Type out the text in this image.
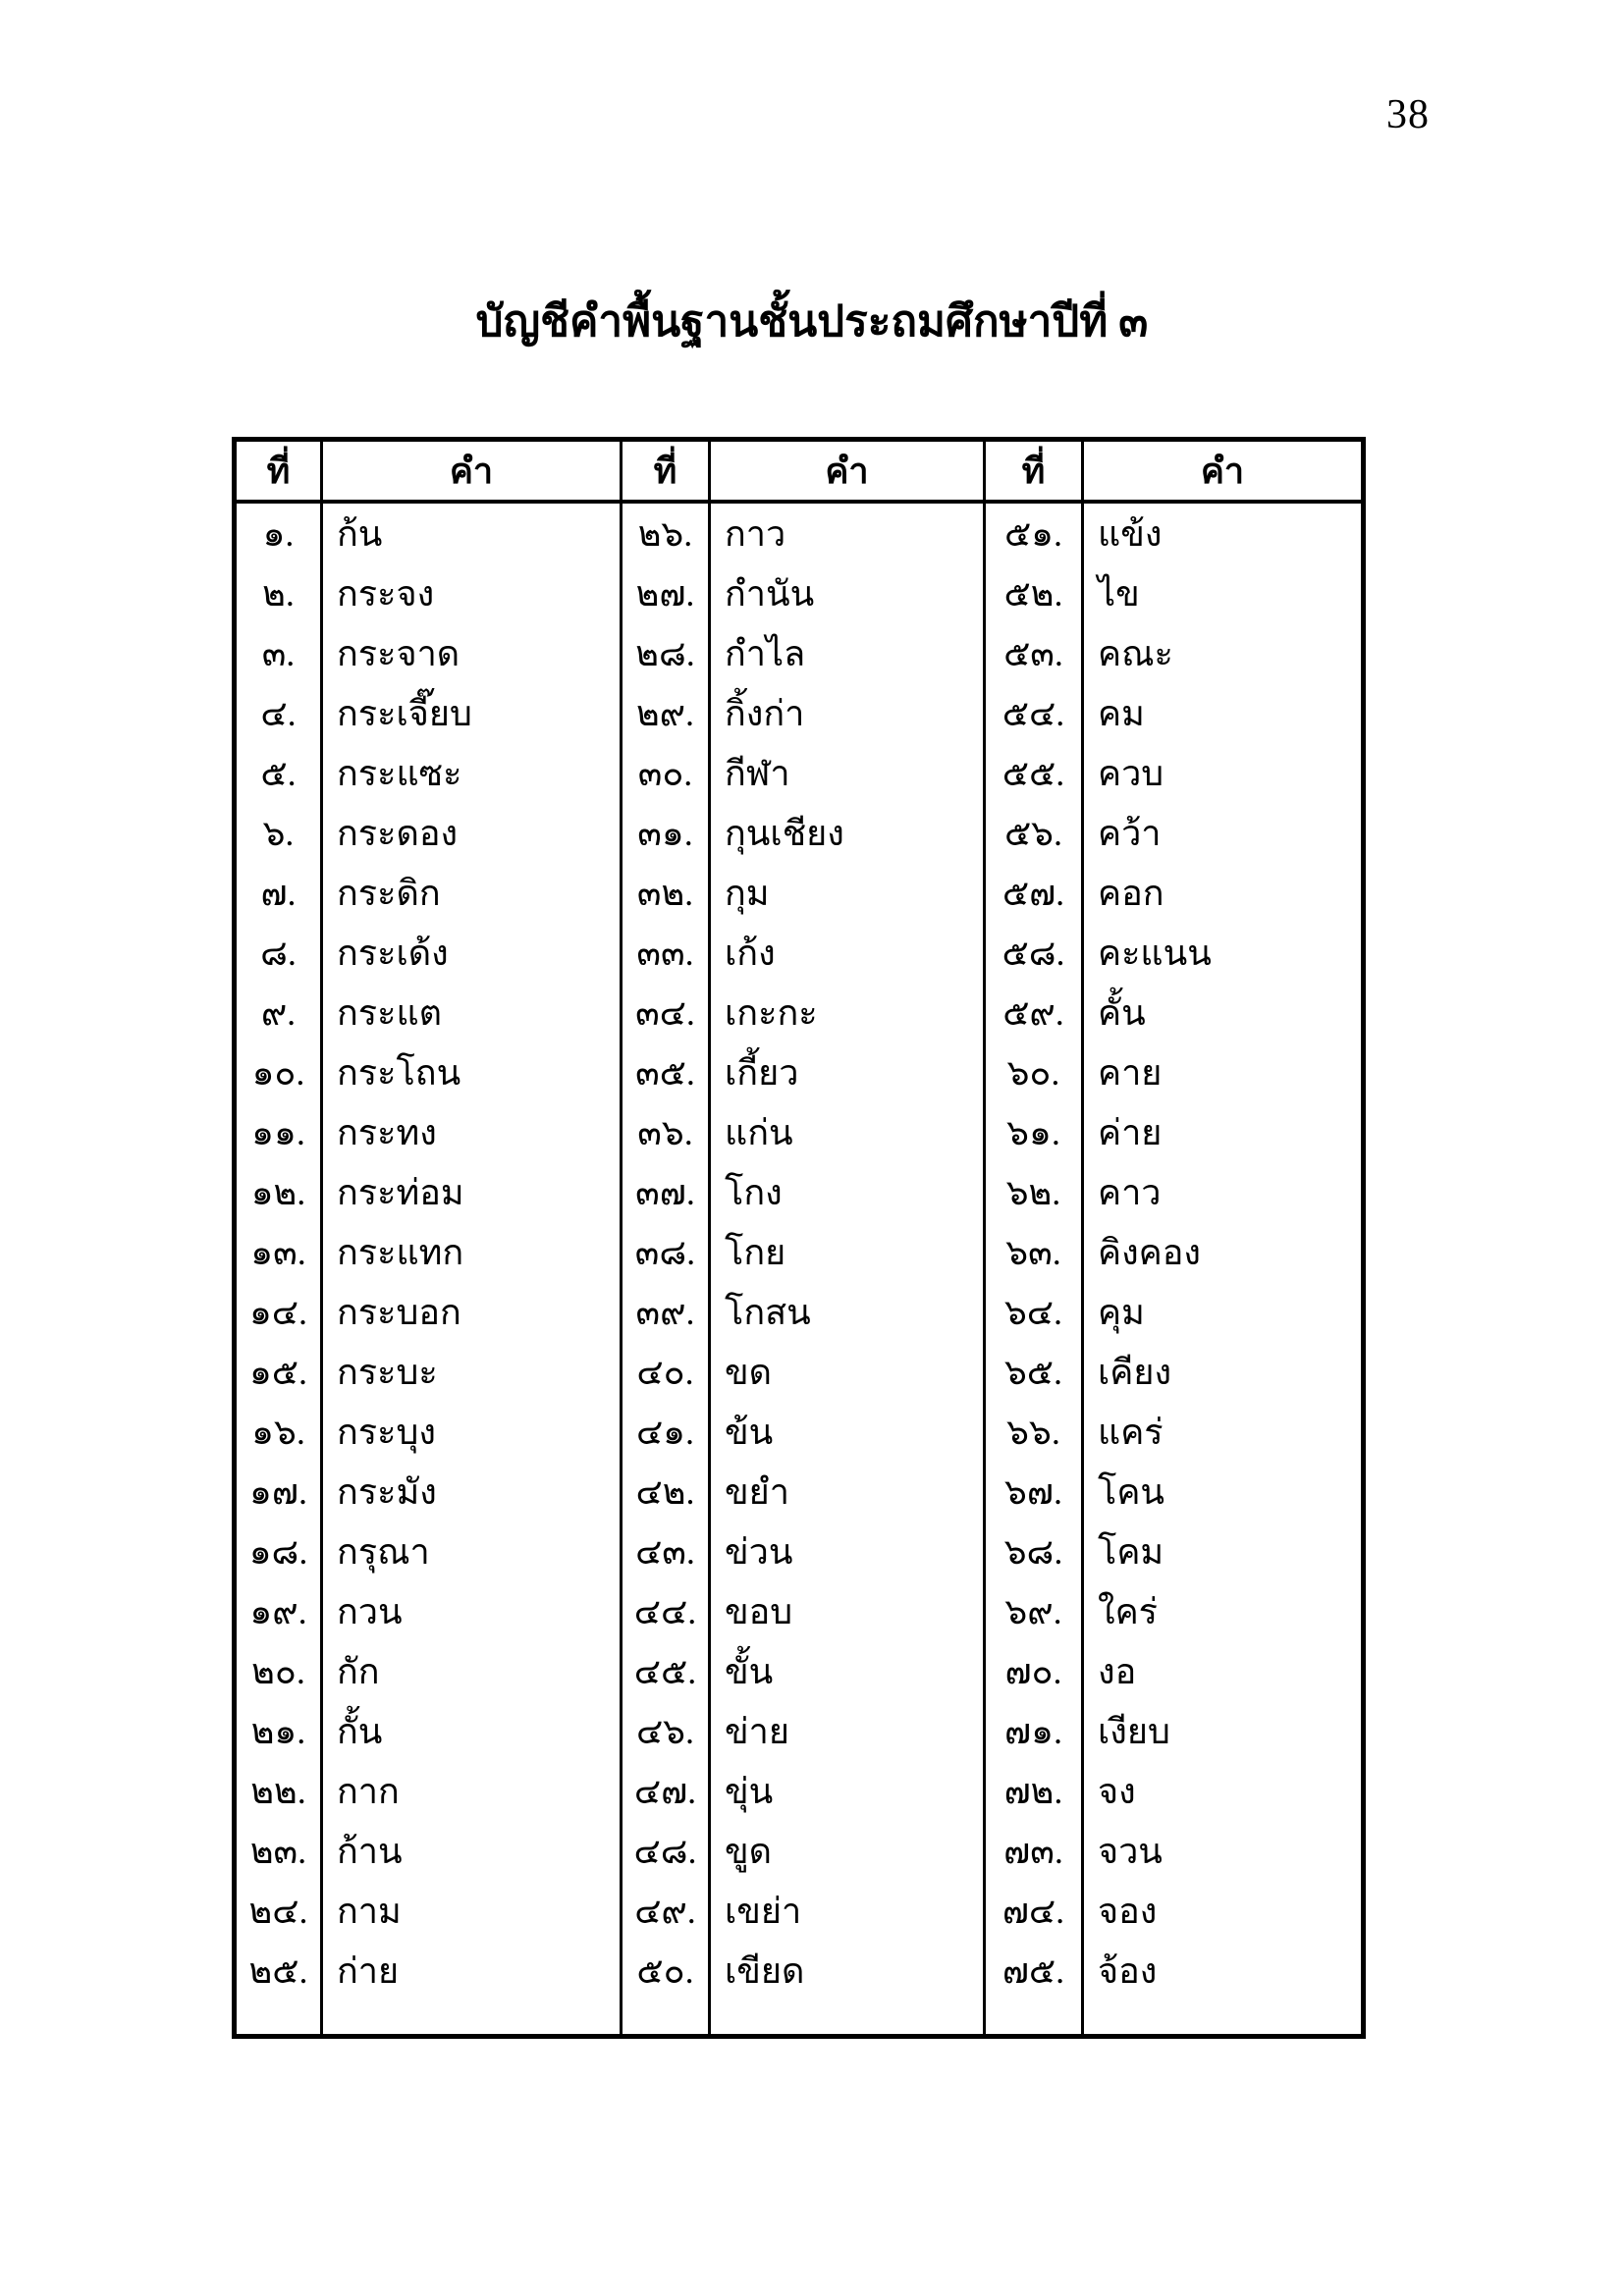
38
บัญชีคำพื้นฐานชั้นประถมศึกษาปีที่ ๓
ที่	คำ	ที่	คำ	ที่	คำ
๑.	ก้น	๒๖. กาว	๕๑. แข้ง
๒.	กระจง	๒๗. กำนัน	๕๒. ไข
๓.	กระจาด	๒๘. กำไล	๕๓. คณะ
๔.	กระเจี๊ยบ	๒๙. กิ้งก่า	๕๔. คม
๕.	กระแซะ	๓๐. กีฬา	๕๕. ควบ
๖.	กระดอง	๓๑. กุนเชียง	๕๖. คว้า
๗.	กระดิก	๓๒. กุม	๕๗. คอก
๘.	กระเด้ง	๓๓. เก้ง	๕๘. คะแนน
๙.	กระแต	๓๔. เกะกะ	๕๙. คั้น
๑๐. กระโถน	๓๕. เกี้ยว	๖๐.	คาย
๑๑. กระทง	๓๖. แก่น	๖๑.	ค่าย
๑๒. กระท่อม	๓๗. โกง	๖๒.	คาว
๑๓. กระแทก	๓๘. โกย	๖๓.	คิงคอง
๑๔. กระบอก	๓๙. โกสน	๖๔. คุม
๑๕. กระบะ	๔๐. ขด	๖๕. เคียง
๑๖. กระบุง	๔๑. ข้น	๖๖.	แคร่
๑๗. กระมัง	๔๒. ขยำ	๖๗.	โคน
๑๘. กรุณา	๔๓. ข่วน	๖๘. โคม
๑๙. กวน	๔๔. ขอบ	๖๙.	ใคร่
๒๐. กัก	๔๕. ขั้น	๗๐.	งอ
๒๑. กั้น	๔๖. ข่าย	๗๑.	เงียบ
๒๒. กาก	๔๗. ขุ่น	๗๒. จง
๒๓. ก้าน	๔๘. ขูด	๗๓. จวน
๒๔. กาม	๔๙. เขย่า	๗๔. จอง
๒๕. ก่าย	๕๐. เขียด	๗๕. จ้อง
